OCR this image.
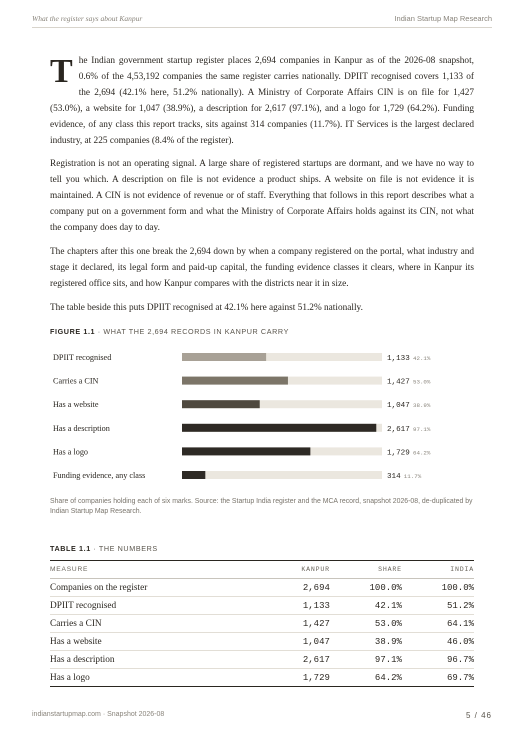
What the register says about Kanpur	Indian Startup Map Research

The Indian government startup register places 2,694 companies in Kanpur as of the 2026-08 snapshot, 0.6% of the 4,53,192 companies the same register carries nationally. DPIIT recognised covers 1,133 of the 2,694 (42.1% here, 51.2% nationally). A Ministry of Corporate Affairs CIN is on file for 1,427 (53.0%), a website for 1,047 (38.9%), a description for 2,617 (97.1%), and a logo for 1,729 (64.2%). Funding evidence, of any class this report tracks, sits against 314 companies (11.7%). IT Services is the largest declared industry, at 225 companies (8.4% of the register).

Registration is not an operating signal. A large share of registered startups are dormant, and we have no way to tell you which. A description on file is not evidence a product ships. A website on file is not evidence it is maintained. A CIN is not evidence of revenue or of staff. Everything that follows in this report describes what a company put on a government form and what the Ministry of Corporate Affairs holds against its CIN, not what the company does day to day.

The chapters after this one break the 2,694 down by when a company registered on the portal, what industry and stage it declared, its legal form and paid-up capital, the funding evidence classes it clears, where in Kanpur its registered office sits, and how Kanpur compares with the districts near it in size.

The table beside this puts DPIIT recognised at 42.1% here against 51.2% nationally.

FIGURE 1.1 · WHAT THE 2,694 RECORDS IN KANPUR CARRY
DPIIT recognised	1,133 42.1%
Carries a CIN	1,427 53.0%
Has a website	1,047 38.9%
Has a description	2,617 97.1%
Has a logo	1,729 64.2%
Funding evidence, any class	314 11.7%
Share of companies holding each of six marks. Source: the Startup India register and the MCA record, snapshot 2026-08, de-duplicated by Indian Startup Map Research.
TABLE 1.1 · THE NUMBERS
MEASURE	KANPUR	SHARE	INDIA
Companies on the register	2,694	100.0%	100.0%
DPIIT recognised	1,133	42.1%	51.2%
Carries a CIN	1,427	53.0%	64.1%
Has a website	1,047	38.9%	46.0%
Has a description	2,617	97.1%	96.7%
Has a logo	1,729	64.2%	69.7%
indianstartupmap.com · Snapshot 2026-08	5 / 46
